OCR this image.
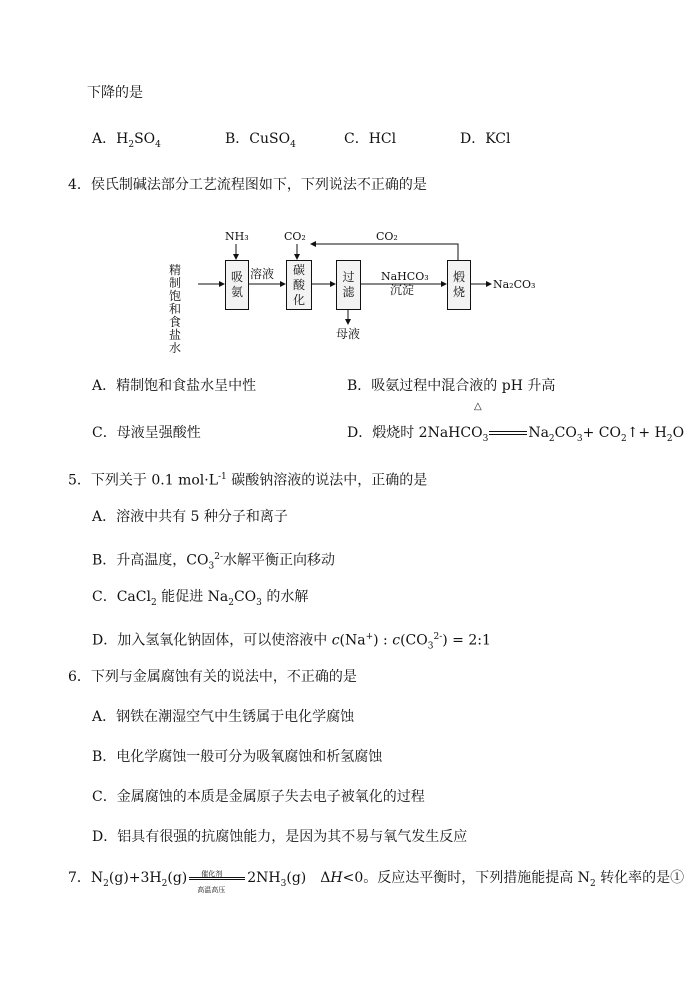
下降的是
A．$H_2SO_4$	B．CuSO$_4$	C．HCl	D．KCl
4．侯氏制碱法部分工艺流程图如下，下列说法不正确的是
精制饱和食盐水
NH₃	CO₂	CO₂
吸氨
溶液 碳酸化
过滤
NaHCO₃
沉淀
煅烧
Na₂CO₃
母液
A．精制饱和食盐水呈中性	B．吸氨过程中混合液的 pH 升高
△
C．母液呈强酸性	D．煅烧时 2NaHCO$_3$	$Na_2CO_3+$ $CO_2↑+ H_2O$
5．下列关于 0.1 $mol\cdot L^{-1}$ 碳酸钠溶液的说法中，正确的是
A．溶液中共有 5 种分子和离子
B．升高温度，$CO_3^{2-}$水解平衡正向移动
C．CaCl$_2$ 能促进 $Na_2CO_3$ 的水解
D．加入氢氧化钠固体，可以使溶液中 c(Na+) : $c(CO_3^{2-})$ = 2:1
6．下列与金属腐蚀有关的说法中，不正确的是
A．钢铁在潮湿空气中生锈属于电化学腐蚀
B．电化学腐蚀一般可分为吸氧腐蚀和析氢腐蚀
C．金属腐蚀的本质是金属原子失去电子被氧化的过程
D．铝具有很强的抗腐蚀能力，是因为其不易与氧气发生反应
7．$N_2(g)+3H_2(g)$ 催化剂
高温高压
$2NH_3(g)$　ΔH<0。反应达平衡时，下列措施能提高 $N_2$ 转化率的是①
